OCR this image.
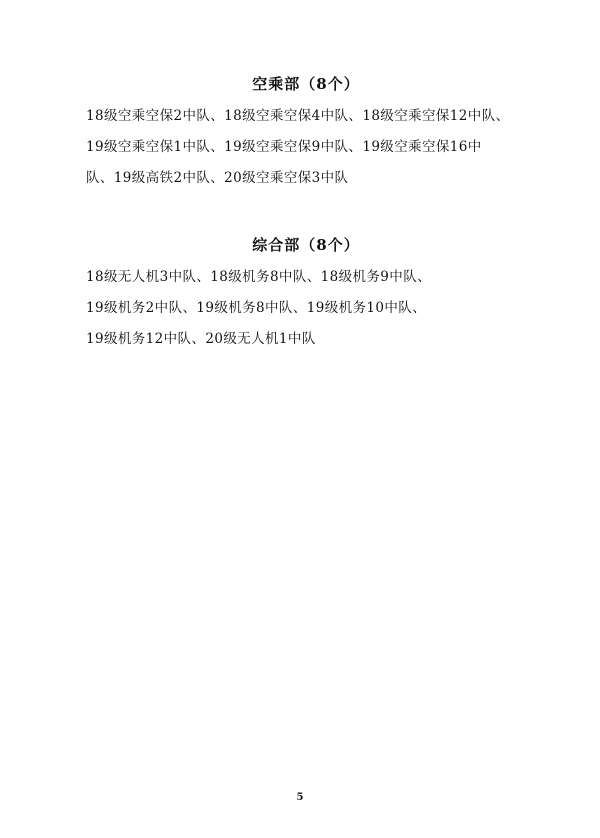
空乘部（8个）
18级空乘空保2中队、18级空乘空保4中队、18级空乘空保12中队、
19级空乘空保1中队、19级空乘空保9中队、19级空乘空保16中
队、19级高铁2中队、20级空乘空保3中队
综合部（8个）
18级无人机3中队、18级机务8中队、18级机务9中队、
19级机务2中队、19级机务8中队、19级机务10中队、
19级机务12中队、20级无人机1中队
5
